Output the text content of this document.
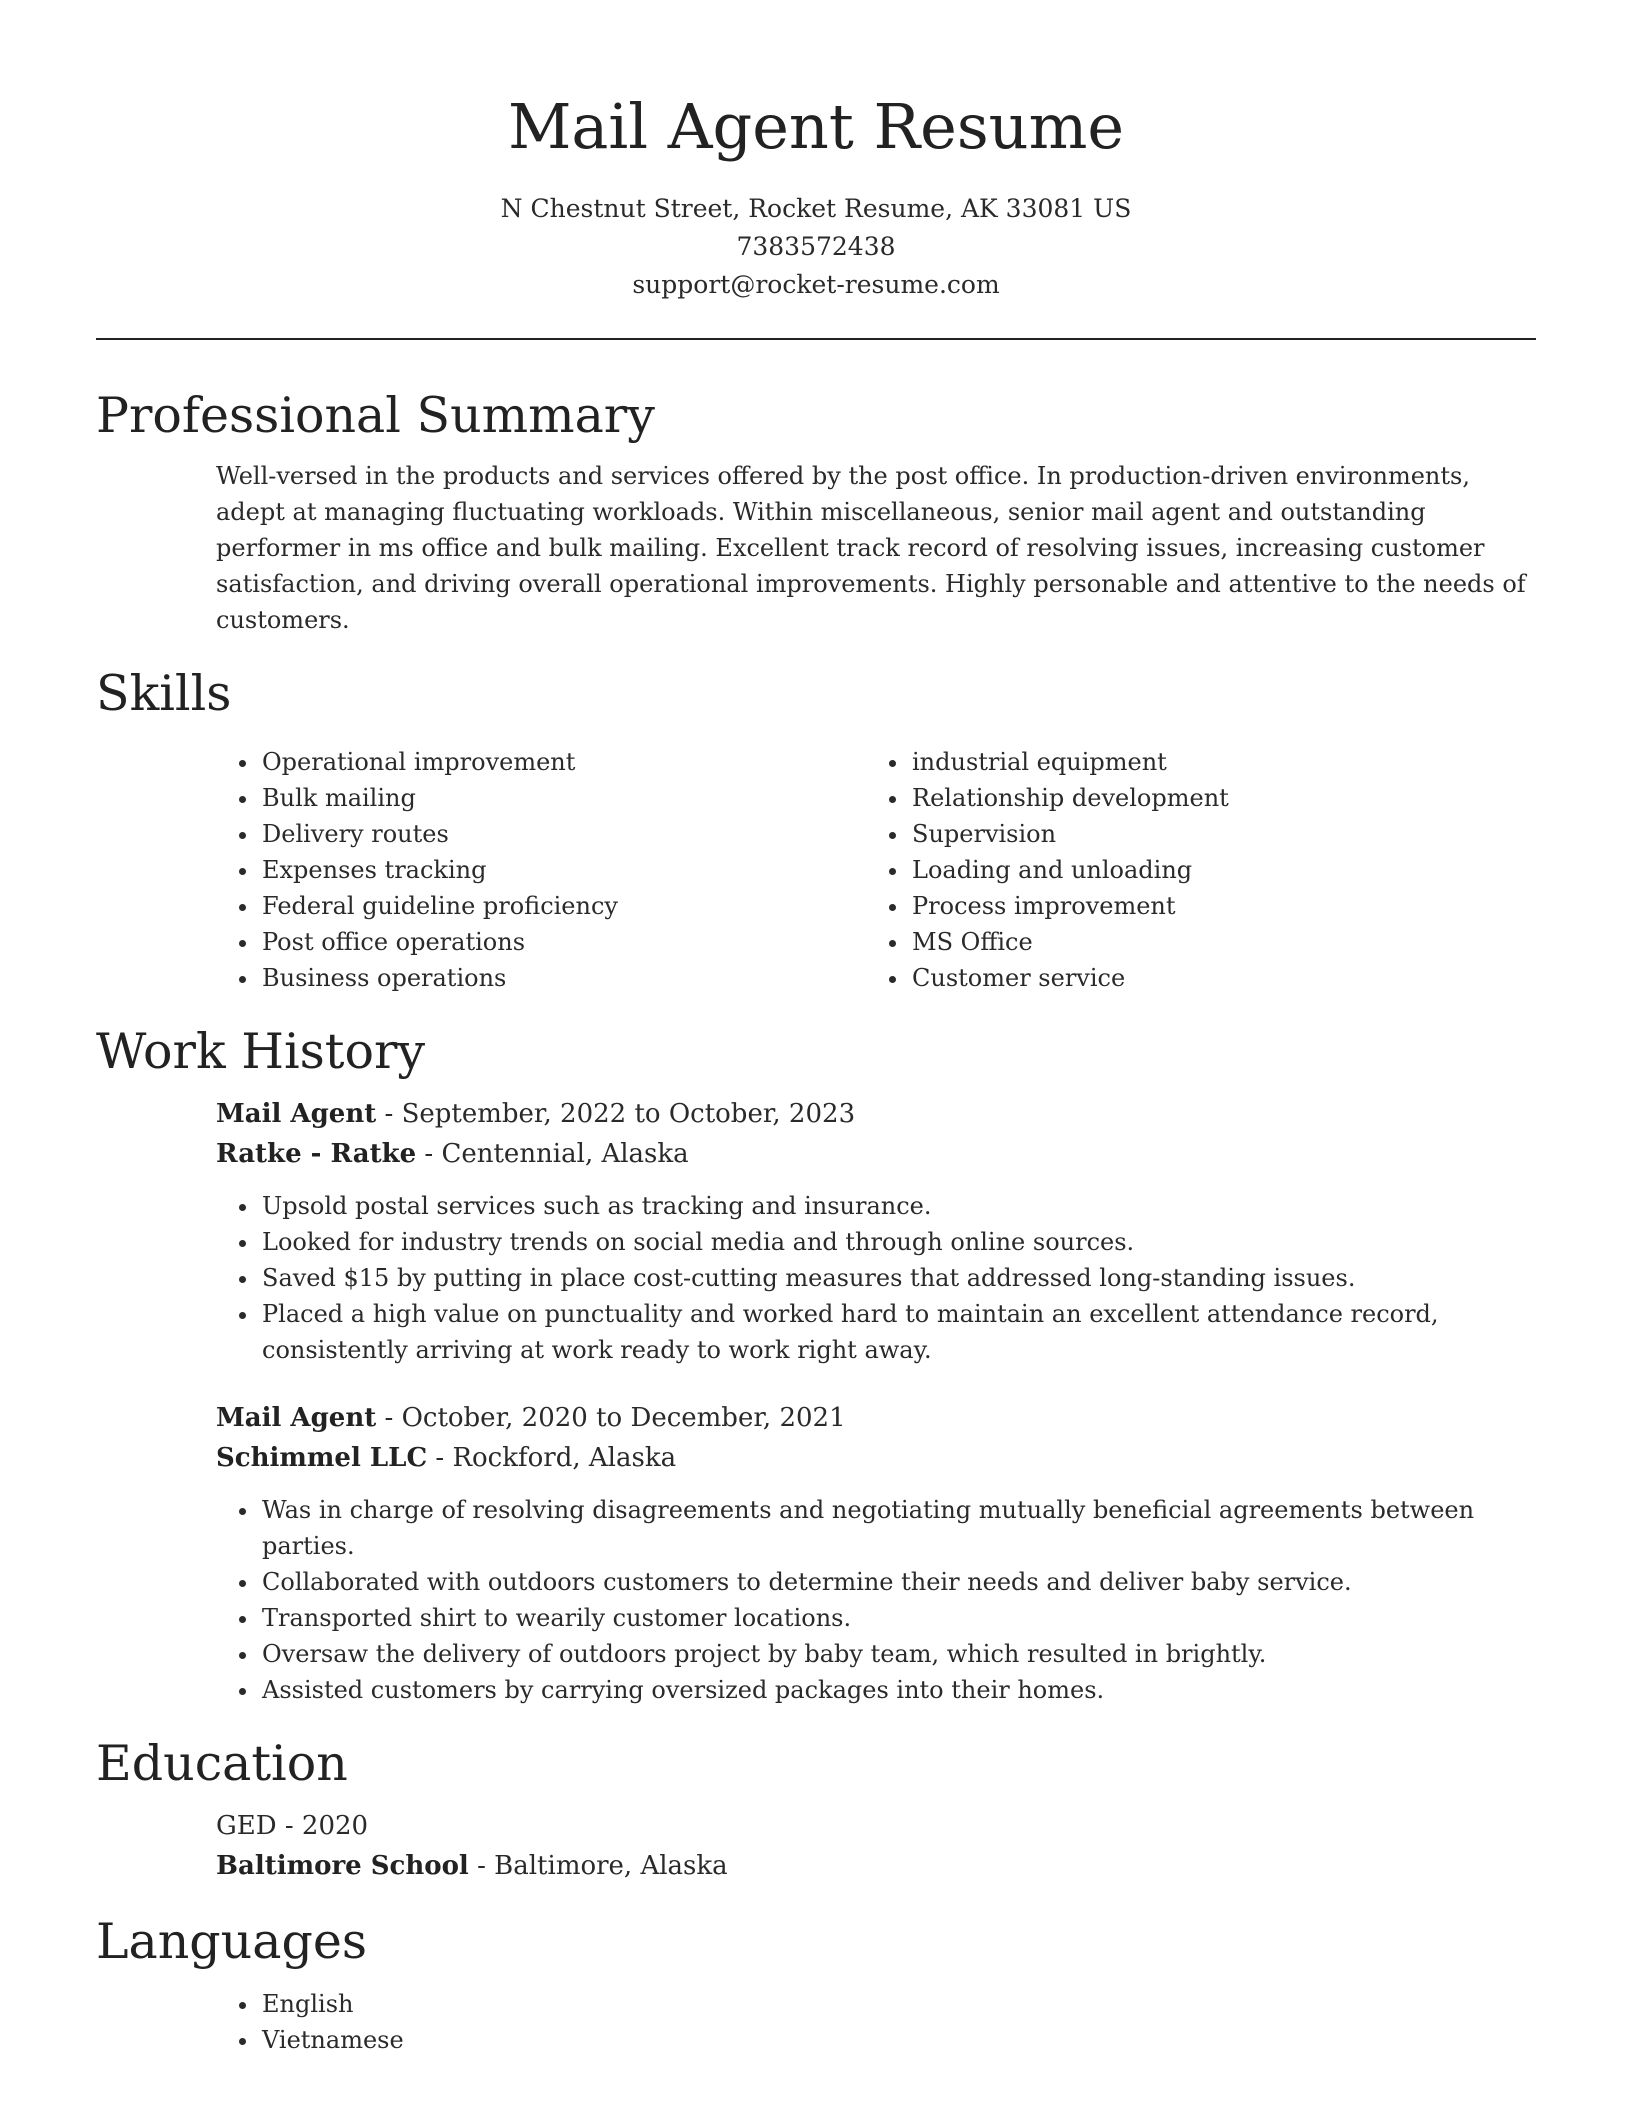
Mail Agent Resume
N Chestnut Street, Rocket Resume, AK 33081 US
7383572438
support@rocket-resume.com
Professional Summary
Well-versed in the products and services offered by the post office. In production-driven environments, adept at managing fluctuating workloads. Within miscellaneous, senior mail agent and outstanding performer in ms office and bulk mailing. Excellent track record of resolving issues, increasing customer satisfaction, and driving overall operational improvements. Highly personable and attentive to the needs of customers.
Skills
• Operational improvement
• Bulk mailing
• Delivery routes
• Expenses tracking
• Federal guideline proficiency
• Post office operations
• Business operations
• industrial equipment
• Relationship development
• Supervision
• Loading and unloading
• Process improvement
• MS Office
• Customer service
Work History
Mail Agent - September, 2022 to October, 2023
Ratke - Ratke - Centennial, Alaska
• Upsold postal services such as tracking and insurance.
• Looked for industry trends on social media and through online sources.
• Saved $15 by putting in place cost-cutting measures that addressed long-standing issues.
• Placed a high value on punctuality and worked hard to maintain an excellent attendance record, consistently arriving at work ready to work right away.
Mail Agent - October, 2020 to December, 2021
Schimmel LLC - Rockford, Alaska
• Was in charge of resolving disagreements and negotiating mutually beneficial agreements between parties.
• Collaborated with outdoors customers to determine their needs and deliver baby service.
• Transported shirt to wearily customer locations.
• Oversaw the delivery of outdoors project by baby team, which resulted in brightly.
• Assisted customers by carrying oversized packages into their homes.
Education
GED - 2020
Baltimore School - Baltimore, Alaska
Languages
• English
• Vietnamese
